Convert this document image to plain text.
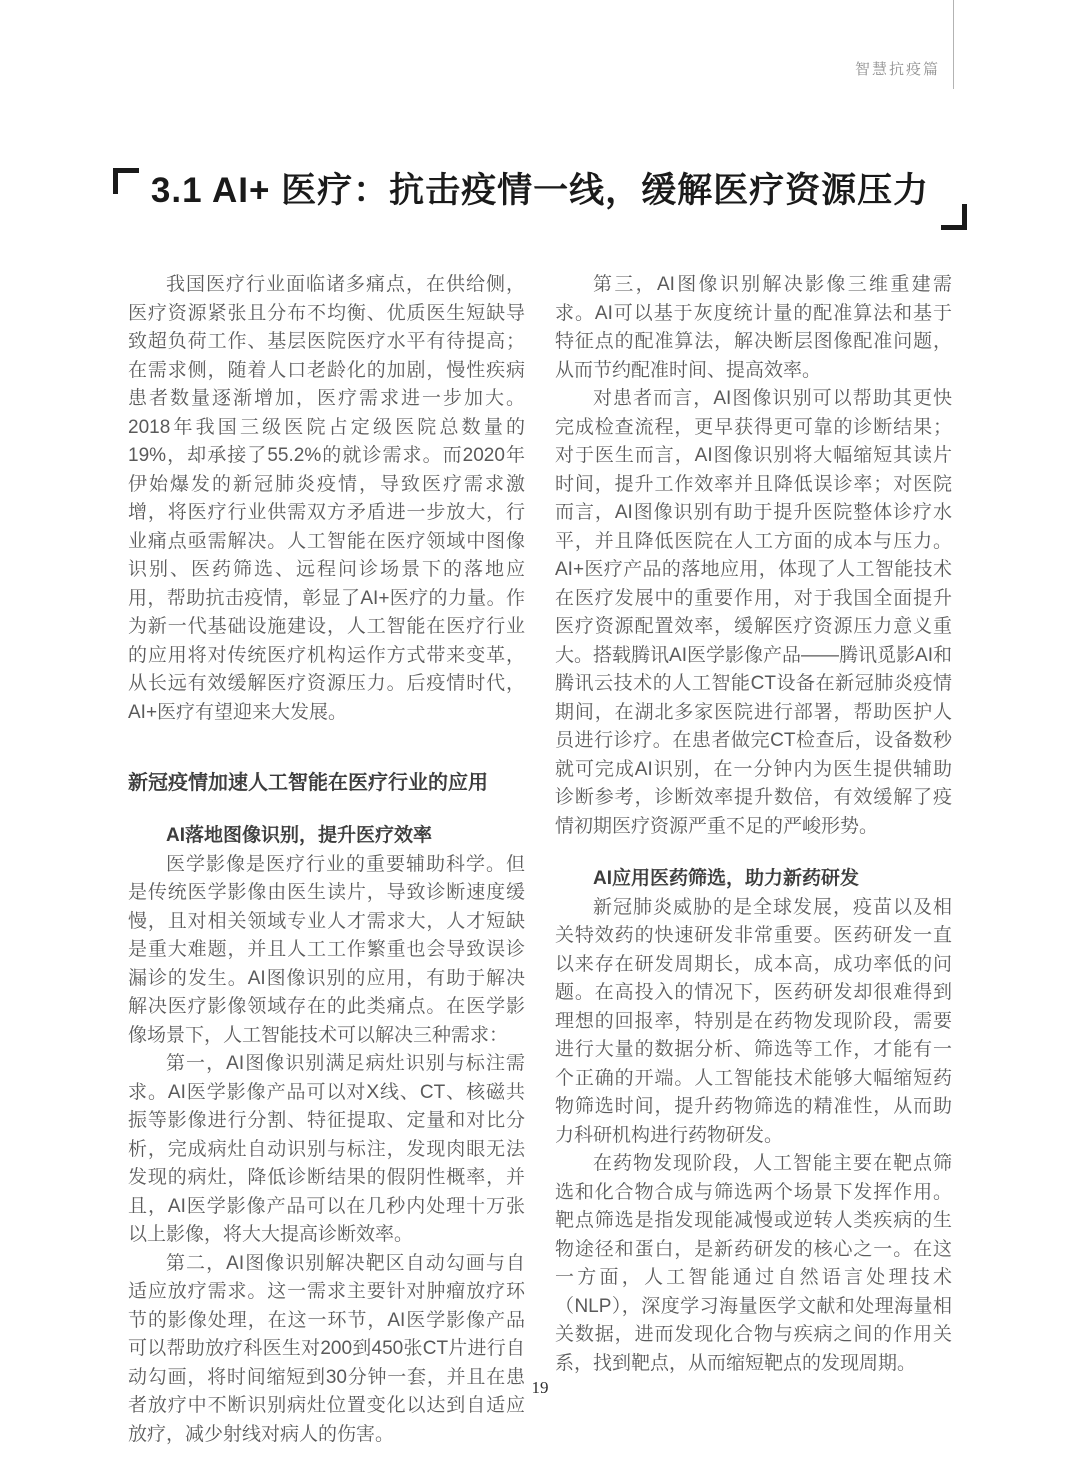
智慧抗疫篇
3.1 AI+ 医疗：抗击疫情一线，缓解医疗资源压力

我国医疗行业面临诸多痛点，在供给侧，医疗资源紧张且分布不均衡、优质医生短缺导致超负荷工作、基层医院医疗水平有待提高；在需求侧，随着人口老龄化的加剧，慢性疾病患者数量逐渐增加，医疗需求进一步加大。2018年我国三级医院占定级医院总数量的19%，却承接了55.2%的就诊需求。而2020年伊始爆发的新冠肺炎疫情，导致医疗需求激增，将医疗行业供需双方矛盾进一步放大，行业痛点亟需解决。人工智能在医疗领域中图像识别、医药筛选、远程问诊场景下的落地应用，帮助抗击疫情，彰显了AI+医疗的力量。作为新一代基础设施建设，人工智能在医疗行业的应用将对传统医疗机构运作方式带来变革，从长远有效缓解医疗资源压力。后疫情时代，AI+医疗有望迎来大发展。

新冠疫情加速人工智能在医疗行业的应用
AI落地图像识别，提升医疗效率

医学影像是医疗行业的重要辅助科学。但是传统医学影像由医生读片，导致诊断速度缓慢，且对相关领域专业人才需求大，人才短缺是重大难题，并且人工工作繁重也会导致误诊漏诊的发生。AI图像识别的应用，有助于解决解决医疗影像领域存在的此类痛点。在医学影像场景下，人工智能技术可以解决三种需求：

第一，AI图像识别满足病灶识别与标注需求。AI医学影像产品可以对X线、CT、核磁共振等影像进行分割、特征提取、定量和对比分析，完成病灶自动识别与标注，发现肉眼无法发现的病灶，降低诊断结果的假阴性概率，并且，AI医学影像产品可以在几秒内处理十万张以上影像，将大大提高诊断效率。

第二，AI图像识别解决靶区自动勾画与自适应放疗需求。这一需求主要针对肿瘤放疗环节的影像处理，在这一环节，AI医学影像产品可以帮助放疗科医生对200到450张CT片进行自动勾画，将时间缩短到30分钟一套，并且在患者放疗中不断识别病灶位置变化以达到自适应放疗，减少射线对病人的伤害。

第三，AI图像识别解决影像三维重建需求。AI可以基于灰度统计量的配准算法和基于特征点的配准算法，解决断层图像配准问题，从而节约配准时间、提高效率。

对患者而言，AI图像识别可以帮助其更快完成检查流程，更早获得更可靠的诊断结果；对于医生而言，AI图像识别将大幅缩短其读片时间，提升工作效率并且降低误诊率；对医院而言，AI图像识别有助于提升医院整体诊疗水平，并且降低医院在人工方面的成本与压力。AI+医疗产品的落地应用，体现了人工智能技术在医疗发展中的重要作用，对于我国全面提升医疗资源配置效率，缓解医疗资源压力意义重大。搭载腾讯AI医学影像产品——腾讯觅影AI和腾讯云技术的人工智能CT设备在新冠肺炎疫情期间，在湖北多家医院进行部署，帮助医护人员进行诊疗。在患者做完CT检查后，设备数秒就可完成AI识别，在一分钟内为医生提供辅助诊断参考，诊断效率提升数倍，有效缓解了疫情初期医疗资源严重不足的严峻形势。

AI应用医药筛选，助力新药研发

新冠肺炎威胁的是全球发展，疫苗以及相关特效药的快速研发非常重要。医药研发一直以来存在研发周期长，成本高，成功率低的问题。在高投入的情况下，医药研发却很难得到理想的回报率，特别是在药物发现阶段，需要进行大量的数据分析、筛选等工作，才能有一个正确的开端。人工智能技术能够大幅缩短药物筛选时间，提升药物筛选的精准性，从而助力科研机构进行药物研发。

在药物发现阶段，人工智能主要在靶点筛选和化合物合成与筛选两个场景下发挥作用。靶点筛选是指发现能减慢或逆转人类疾病的生物途径和蛋白，是新药研发的核心之一。在这一方面，人工智能通过自然语言处理技术（NLP），深度学习海量医学文献和处理海量相关数据，进而发现化合物与疾病之间的作用关系，找到靶点，从而缩短靶点的发现周期。

19
